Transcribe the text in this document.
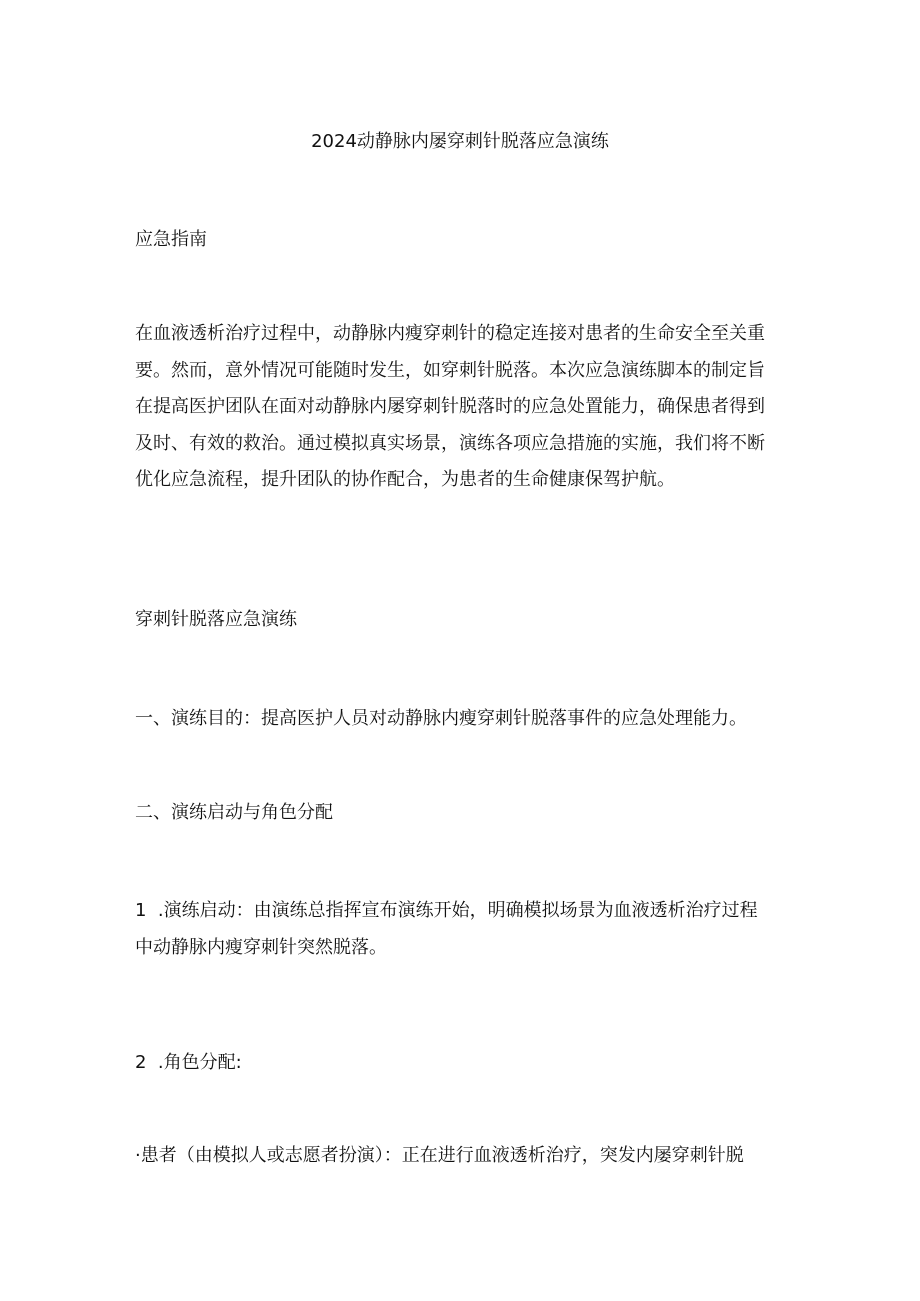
2024动静脉内屡穿刺针脱落应急演练
应急指南
在血液透析治疗过程中，动静脉内瘦穿刺针的稳定连接对患者的生命安全至关重
要。然而，意外情况可能随时发生，如穿刺针脱落。本次应急演练脚本的制定旨
在提高医护团队在面对动静脉内屡穿刺针脱落时的应急处置能力，确保患者得到
及时、有效的救治。通过模拟真实场景，演练各项应急措施的实施，我们将不断
优化应急流程，提升团队的协作配合，为患者的生命健康保驾护航。
穿刺针脱落应急演练
一、演练目的：提高医护人员对动静脉内瘦穿刺针脱落事件的应急处理能力。
二、演练启动与角色分配
1  .演练启动：由演练总指挥宣布演练开始，明确模拟场景为血液透析治疗过程
中动静脉内瘦穿刺针突然脱落。
2  .角色分配:
·患者（由模拟人或志愿者扮演）：正在进行血液透析治疗，突发内屡穿刺针脱
